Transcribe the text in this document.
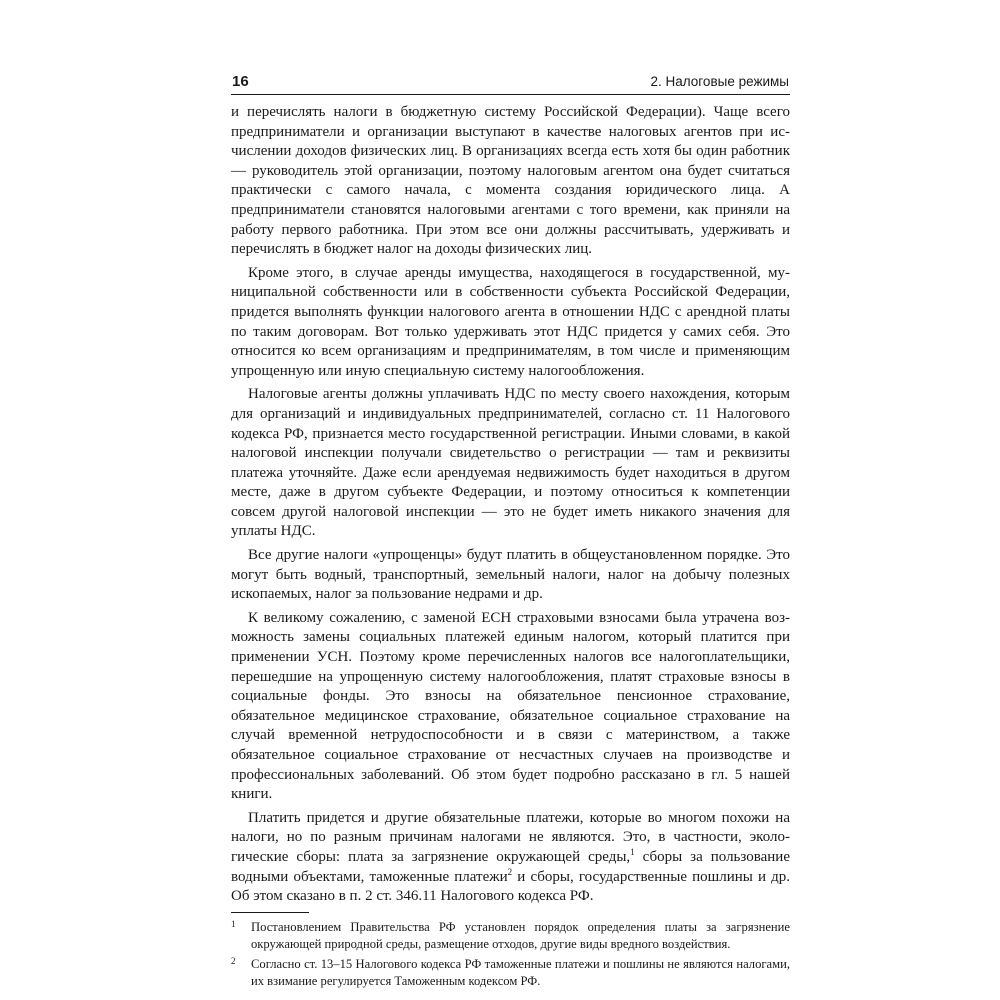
16	2. Налоговые режимы

и перечислять налоги в бюджетную систему Российской Федерации). Чаще всего предприниматели и организации выступают в качестве налоговых агентов при исчислении доходов физических лиц. В организациях всегда есть хотя бы один работник — руководитель этой организации, поэтому налоговым агентом она будет считаться практически с самого начала, с момента создания юридического лица. А предприниматели становятся налоговыми агентами с того времени, как приняли на работу первого работника. При этом все они должны рассчитывать, удерживать и перечислять в бюджет налог на доходы физических лиц.

Кроме этого, в случае аренды имущества, находящегося в государственной, муниципальной собственности или в собственности субъекта Российской Федерации, придется выполнять функции налогового агента в отношении НДС с арендной платы по таким договорам. Вот только удерживать этот НДС придется у самих себя. Это относится ко всем организациям и предпринимателям, в том числе и применяющим упрощенную или иную специальную систему налогообложения.

Налоговые агенты должны уплачивать НДС по месту своего нахождения, которым для организаций и индивидуальных предпринимателей, согласно ст. 11 Налогового кодекса РФ, признается место государственной регистрации. Иными словами, в какой налоговой инспекции получали свидетельство о регистрации — там и реквизиты платежа уточняйте. Даже если арендуемая недвижимость будет находиться в другом месте, даже в другом субъекте Федерации, и поэтому относиться к компетенции совсем другой налоговой инспекции — это не будет иметь никакого значения для уплаты НДС.

Все другие налоги «упрощенцы» будут платить в общеустановленном порядке. Это могут быть водный, транспортный, земельный налоги, налог на добычу полезных ископаемых, налог за пользование недрами и др.

К великому сожалению, с заменой ЕСН страховыми взносами была утрачена возможность замены социальных платежей единым налогом, который платится при применении УСН. Поэтому кроме перечисленных налогов все налогоплательщики, перешедшие на упрощенную систему налогообложения, платят страховые взносы в социальные фонды. Это взносы на обязательное пенсионное страхование, обязательное медицинское страхование, обязательное социальное страхование на случай временной нетрудоспособности и в связи с материнством, а также обязательное социальное страхование от несчастных случаев на производстве и профессиональных заболеваний. Об этом будет подробно рассказано в гл. 5 нашей книги.

Платить придется и другие обязательные платежи, которые во многом похожи на налоги, но по разным причинам налогами не являются. Это, в частности, экологические сборы: плата за загрязнение окружающей среды,$^1$ сборы за пользование водными объектами, таможенные платежи$^2$ и сборы, государственные пошлины и др. Об этом сказано в п. 2 ст. 346.11 Налогового кодекса РФ.

1 Постановлением Правительства РФ установлен порядок определения платы за загрязнение окружающей природной среды, размещение отходов, другие виды вредного воздействия.
2 Согласно ст. 13–15 Налогового кодекса РФ таможенные платежи и пошлины не являются налогами, их взимание регулируется Таможенным кодексом РФ.
